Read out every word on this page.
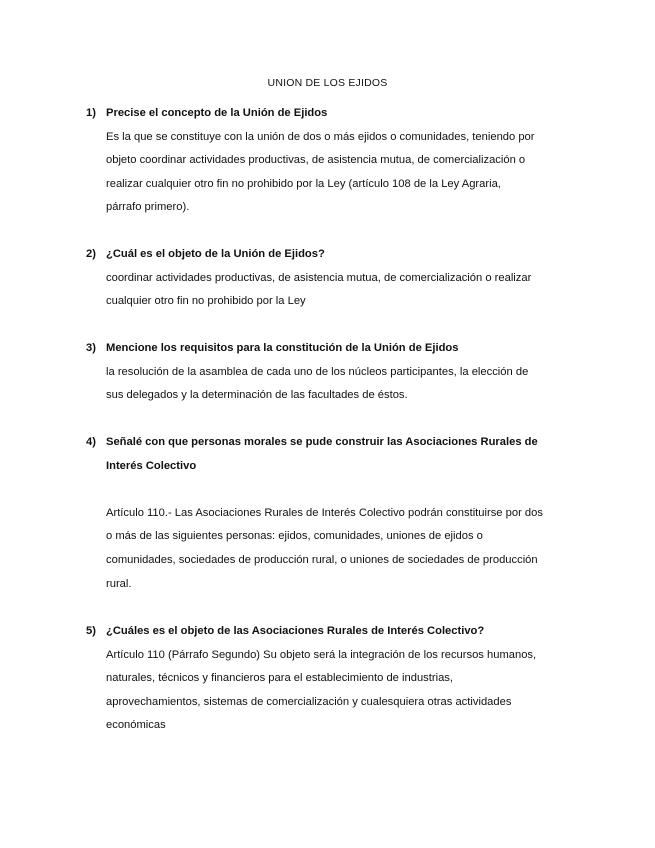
UNION DE LOS EJIDOS
1) Precise el concepto de la Unión de Ejidos
Es la que se constituye con la unión de dos o más ejidos o comunidades, teniendo por
objeto coordinar actividades productivas, de asistencia mutua, de comercialización o
realizar cualquier otro fin no prohibido por la Ley (artículo 108 de la Ley Agraria,
párrafo primero).
2) ¿Cuál es el objeto de la Unión de Ejidos?
coordinar actividades productivas, de asistencia mutua, de comercialización o realizar
cualquier otro fin no prohibido por la Ley
3) Mencione los requisitos para la constitución de la Unión de Ejidos
la resolución de la asamblea de cada uno de los núcleos participantes, la elección de
sus delegados y la determinación de las facultades de éstos.
4) Señalé con que personas morales se pude construir las Asociaciones Rurales de
Interés Colectivo
Artículo 110.- Las Asociaciones Rurales de Interés Colectivo podrán constituirse por dos
o más de las siguientes personas: ejidos, comunidades, uniones de ejidos o
comunidades, sociedades de producción rural, o uniones de sociedades de producción
rural.
5) ¿Cuáles es el objeto de las Asociaciones Rurales de Interés Colectivo?
Artículo 110 (Párrafo Segundo) Su objeto será la integración de los recursos humanos,
naturales, técnicos y financieros para el establecimiento de industrias,
aprovechamientos, sistemas de comercialización y cualesquiera otras actividades
económicas
